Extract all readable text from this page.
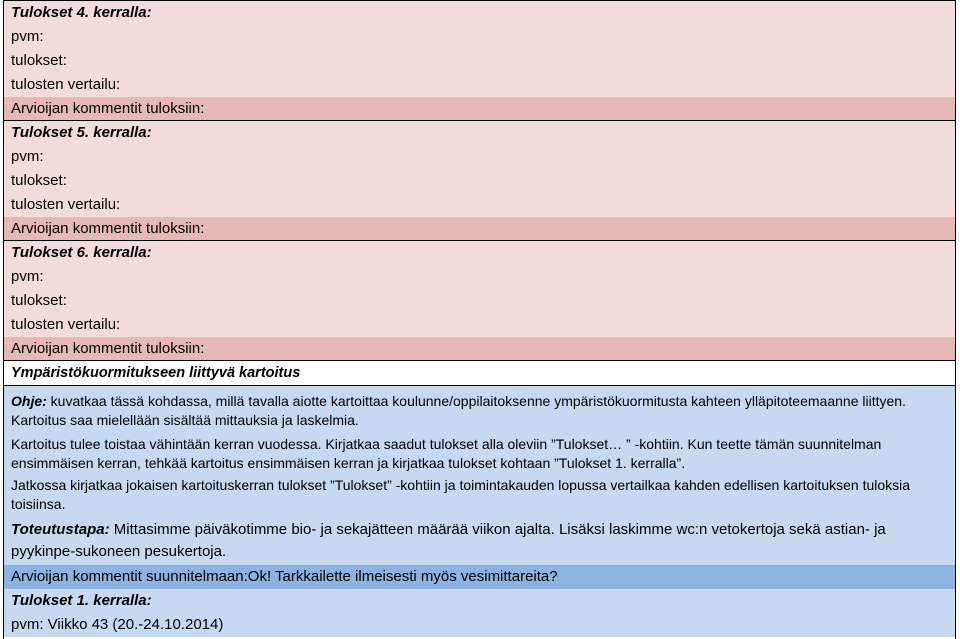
Tulokset 4. kerralla:
pvm:
tulokset:
tulosten vertailu:
Arvioijan kommentit tuloksiin:
Tulokset 5. kerralla:
pvm:
tulokset:
tulosten vertailu:
Arvioijan kommentit tuloksiin:
Tulokset 6. kerralla:
pvm:
tulokset:
tulosten vertailu:
Arvioijan kommentit tuloksiin:
Ympäristökuormitukseen liittyvä kartoitus
Ohje: kuvatkaa tässä kohdassa, millä tavalla aiotte kartoittaa koulunne/oppilaitoksenne ympäristökuormitusta kahteen ylläpitoteemaanne liittyen. Kartoitus saa mielellään sisältää mittauksia ja laskelmia.
Kartoitus tulee toistaa vähintään kerran vuodessa. Kirjatkaa saadut tulokset alla oleviin ”Tulokset… ” -kohtiin. Kun teette tämän suunnitelman ensimmäisen kerran, tehkää kartoitus ensimmäisen kerran ja kirjatkaa tulokset kohtaan ”Tulokset 1. kerralla”.
Jatkossa kirjatkaa jokaisen kartoituskerran tulokset ”Tulokset” -kohtiin ja toimintakauden lopussa vertailkaa kahden edellisen kartoituksen tuloksia toisiinsa.
Toteutustapa: Mittasimme päiväkotimme bio- ja sekajätteen määrää viikon ajalta. Lisäksi laskimme wc:n vetokertoja sekä astian- ja pyykinpe-sukoneen pesukertoja.
Arvioijan kommentit suunnitelmaan:Ok! Tarkkailette ilmeisesti myös vesimittareita?
Tulokset 1. kerralla:
pvm: Viikko 43 (20.-24.10.2014)
